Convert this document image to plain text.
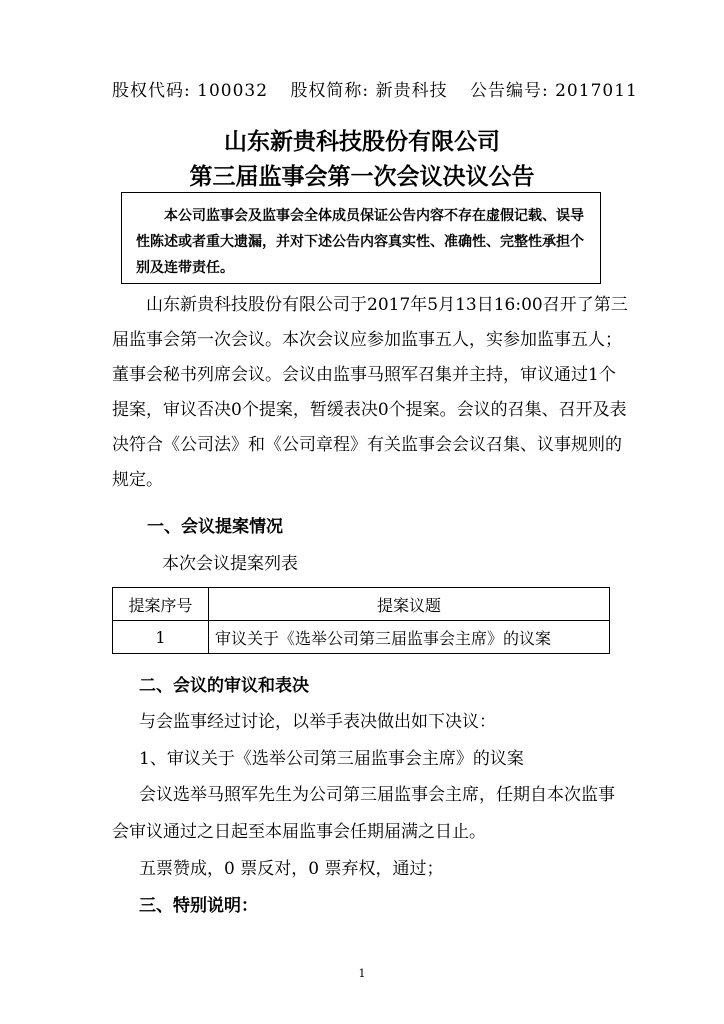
股权代码: 100032 股权简称: 新贵科技 公告编号: 2017011
山东新贵科技股份有限公司
第三届监事会第一次会议决议公告
本公司监事会及监事会全体成员保证公告内容不存在虚假记载、误导
性陈述或者重大遗漏，并对下述公告内容真实性、准确性、完整性承担个
别及连带责任。
山东新贵科技股份有限公司于2017年5月13日16:00召开了第三
届监事会第一次会议。本次会议应参加监事五人，实参加监事五人；
董事会秘书列席会议。会议由监事马照军召集并主持，审议通过1个
提案，审议否决0个提案，暂缓表决0个提案。会议的召集、召开及表
决符合《公司法》和《公司章程》有关监事会会议召集、议事规则的
规定。
一、会议提案情况
本次会议提案列表
提案序号	提案议题
1	审议关于《选举公司第三届监事会主席》的议案
二、会议的审议和表决
与会监事经过讨论，以举手表决做出如下决议：
1、审议关于《选举公司第三届监事会主席》的议案
会议选举马照军先生为公司第三届监事会主席，任期自本次监事
会审议通过之日起至本届监事会任期届满之日止。
五票赞成，0 票反对，0 票弃权，通过；
三、特别说明：
1
